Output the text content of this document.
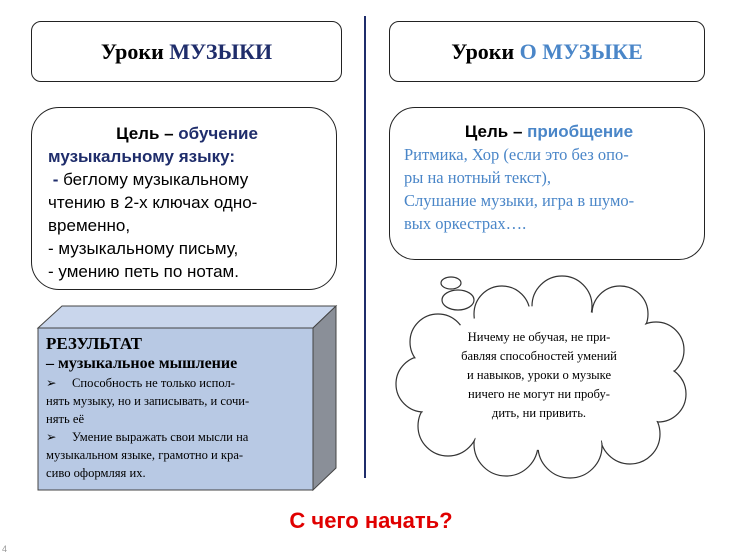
Уроки МУЗЫКИ	Уроки О МУЗЫКЕ
Цель – обучение
музыкальному языку:
- беглому музыкальному
чтению в 2-х ключах одно-
временно,
- музыкальному письму,
- умению петь по нотам.
Цель – приобщение
Ритмика, Хор (если это без опо-
ры на нотный текст),
Слушание музыки, игра в шумо-
вых оркестрах….
РЕЗУЛЬТАТ
– музыкальное мышление
➢ Способность не только испол-
нять музыку, но и записывать, и сочи-
нять её
➢ Умение выражать свои мысли на
музыкальном языке, грамотно и кра-
сиво оформляя их.
Ничему не обучая, не при-
бавляя способностей умений
и навыков, уроки о музыке
ничего не могут ни пробу-
дить, ни привить.
С чего начать?
4
